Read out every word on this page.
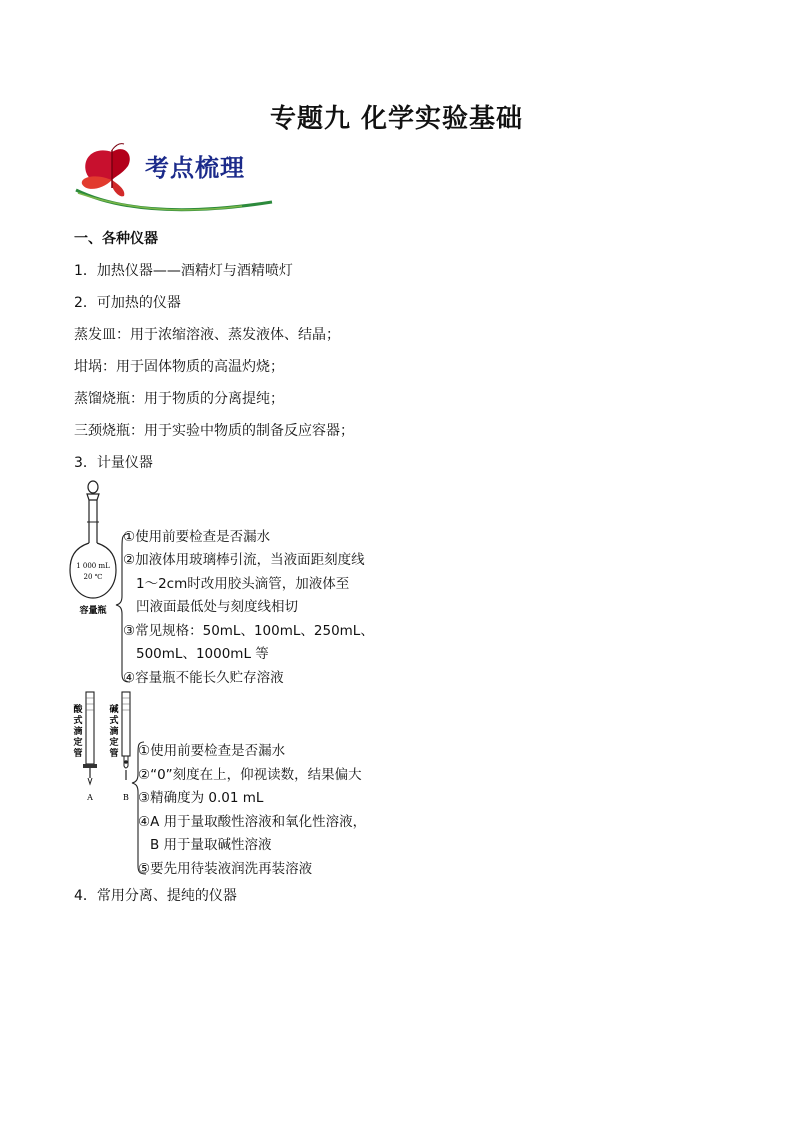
专题九 化学实验基础
考点梳理
一、各种仪器
1．加热仪器——酒精灯与酒精喷灯
2．可加热的仪器
蒸发皿：用于浓缩溶液、蒸发液体、结晶；
坩埚：用于固体物质的高温灼烧；
蒸馏烧瓶：用于物质的分离提纯；
三颈烧瓶：用于实验中物质的制备反应容器；
3．计量仪器
1 000 mL
20 ℃
容量瓶
①使用前要检查是否漏水
②加液体用玻璃棒引流，当液面距刻度线
1～2cm时改用胶头滴管，加液体至
凹液面最低处与刻度线相切
③常见规格：50mL、100mL、250mL、
500mL、1000mL 等
④容量瓶不能长久贮存溶液
酸式滴定管
A
碱式滴定管
B
①使用前要检查是否漏水
②“0”刻度在上，仰视读数，结果偏大
③精确度为 0.01 mL
④A 用于量取酸性溶液和氧化性溶液，
B 用于量取碱性溶液
⑤要先用待装液润洗再装溶液
4．常用分离、提纯的仪器
